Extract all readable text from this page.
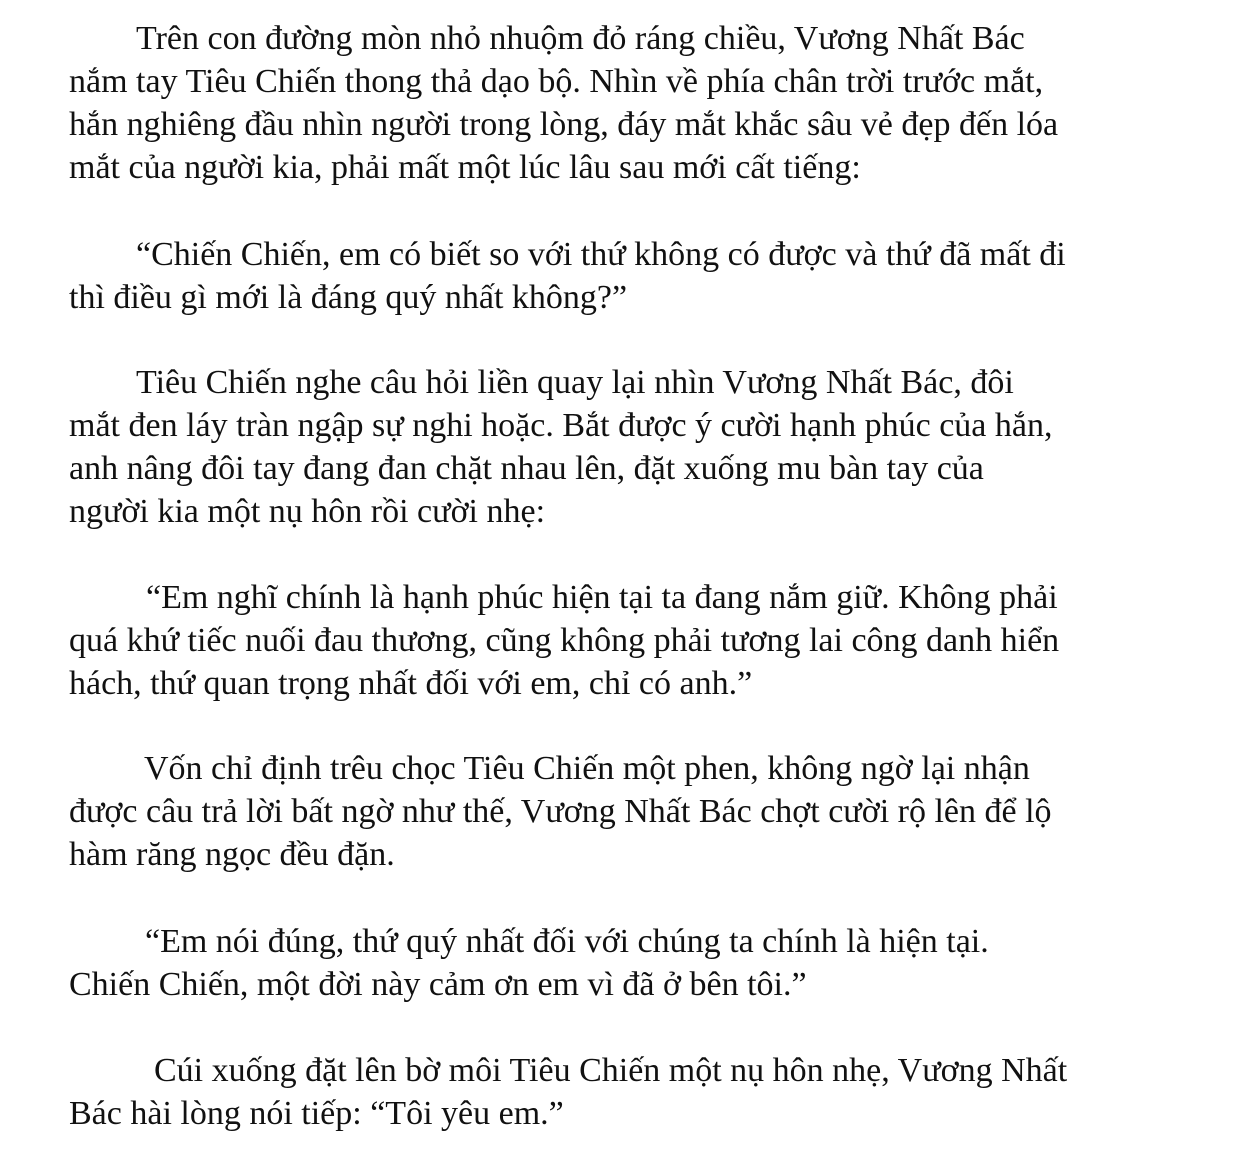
Trên con đường mòn nhỏ nhuộm đỏ ráng chiều, Vương Nhất Bác
nắm tay Tiêu Chiến thong thả dạo bộ. Nhìn về phía chân trời trước mắt,
hắn nghiêng đầu nhìn người trong lòng, đáy mắt khắc sâu vẻ đẹp đến lóa
mắt của người kia, phải mất một lúc lâu sau mới cất tiếng:

“Chiến Chiến, em có biết so với thứ không có được và thứ đã mất đi
thì điều gì mới là đáng quý nhất không?”

Tiêu Chiến nghe câu hỏi liền quay lại nhìn Vương Nhất Bác, đôi
mắt đen láy tràn ngập sự nghi hoặc. Bắt được ý cười hạnh phúc của hắn,
anh nâng đôi tay đang đan chặt nhau lên, đặt xuống mu bàn tay của
người kia một nụ hôn rồi cười nhẹ:

“Em nghĩ chính là hạnh phúc hiện tại ta đang nắm giữ. Không phải
quá khứ tiếc nuối đau thương, cũng không phải tương lai công danh hiển
hách, thứ quan trọng nhất đối với em, chỉ có anh.”

Vốn chỉ định trêu chọc Tiêu Chiến một phen, không ngờ lại nhận
được câu trả lời bất ngờ như thế, Vương Nhất Bác chợt cười rộ lên để lộ
hàm răng ngọc đều đặn.

“Em nói đúng, thứ quý nhất đối với chúng ta chính là hiện tại.
Chiến Chiến, một đời này cảm ơn em vì đã ở bên tôi.”

Cúi xuống đặt lên bờ môi Tiêu Chiến một nụ hôn nhẹ, Vương Nhất
Bác hài lòng nói tiếp: “Tôi yêu em.”
